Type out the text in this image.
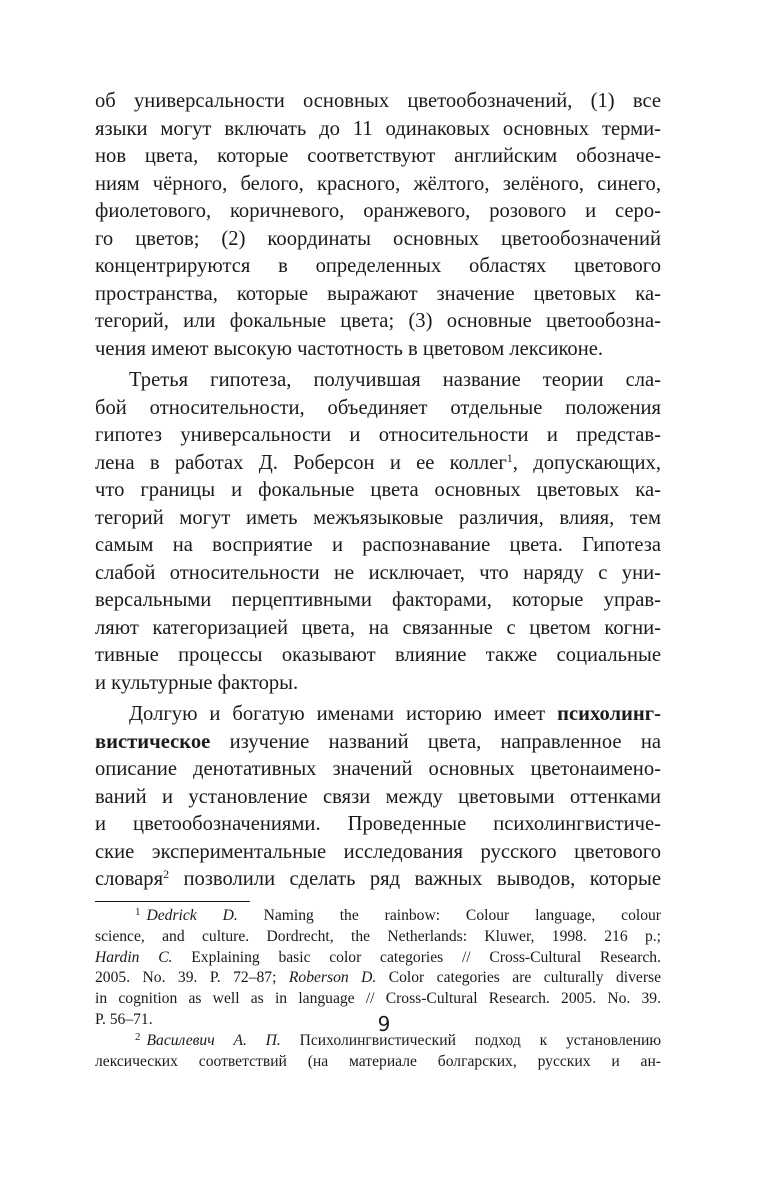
об универсальности основных цветообозначений, (1) все
языки могут включать до 11 одинаковых основных терми-
нов цвета, которые соответствуют английским обозначе-
ниям чёрного, белого, красного, жёлтого, зелёного, синего,
фиолетового, коричневого, оранжевого, розового и серо-
го цветов; (2) координаты основных цветообозначений
концентрируются в определенных областях цветового
пространства, которые выражают значение цветовых ка-
тегорий, или фокальные цвета; (3) основные цветообозна-
чения имеют высокую частотность в цветовом лексиконе.

Третья гипотеза, получившая название теории сла-
бой относительности, объединяет отдельные положения
гипотез универсальности и относительности и представ-
лена в работах Д. Роберсон и ее коллег$^1$, допускающих,
что границы и фокальные цвета основных цветовых ка-
тегорий могут иметь межъязыковые различия, влияя, тем
самым на восприятие и распознавание цвета. Гипотеза
слабой относительности не исключает, что наряду с уни-
версальными перцептивными факторами, которые управ-
ляют категоризацией цвета, на связанные с цветом когни-
тивные процессы оказывают влияние также социальные
и культурные факторы.

Долгую и богатую именами историю имеет психолинг-
вистическое изучение названий цвета, направленное на
описание денотативных значений основных цветонаимено-
ваний и установление связи между цветовыми оттенками
и цветообозначениями. Проведенные психолингвистиче-
ские экспериментальные исследования русского цветового
словаря$^2$ позволили сделать ряд важных выводов, которые

$^1$ Dedrick D. Naming the rainbow: Colour language, colour
science, and culture. Dordrecht, the Netherlands: Kluwer, 1998. 216 p.;
Hardin C. Explaining basic color categories // Cross-Cultural Research.
2005. No. 39. P. 72–87; Roberson D. Color categories are culturally diverse
in cognition as well as in language // Cross-Cultural Research. 2005. No. 39.
P. 56–71.
$^2$ Василевич А. П. Психолингвистический подход к установлению
лексических соответствий (на материале болгарских, русских и ан-
9
